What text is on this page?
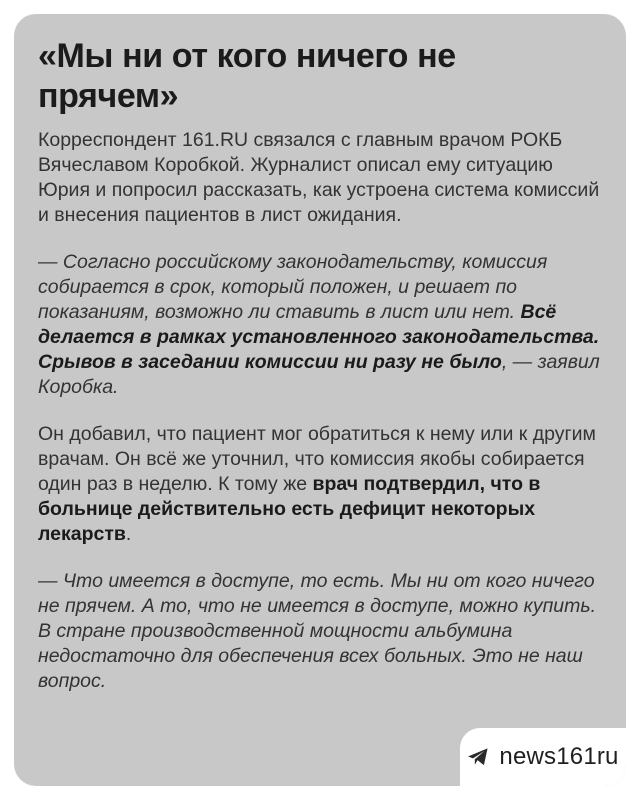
«Мы ни от кого ничего не прячем»

Корреспондент 161.RU связался с главным врачом РОКБ Вячеславом Коробкой. Журналист описал ему ситуацию Юрия и попросил рассказать, как устроена система комиссий и внесения пациентов в лист ожидания.

— Согласно российскому законодательству, комиссия собирается в срок, который положен, и решает по показаниям, возможно ли ставить в лист или нет. Всё делается в рамках установленного законодательства. Срывов в заседании комиссии ни разу не было, — заявил Коробка.

Он добавил, что пациент мог обратиться к нему или к другим врачам. Он всё же уточнил, что комиссия якобы собирается один раз в неделю. К тому же врач подтвердил, что в больнице действительно есть дефицит некоторых лекарств.

— Что имеется в доступе, то есть. Мы ни от кого ничего не прячем. А то, что не имеется в доступе, можно купить. В стране производственной мощности альбумина недостаточно для обеспечения всех больных. Это не наш вопрос.

news161ru
